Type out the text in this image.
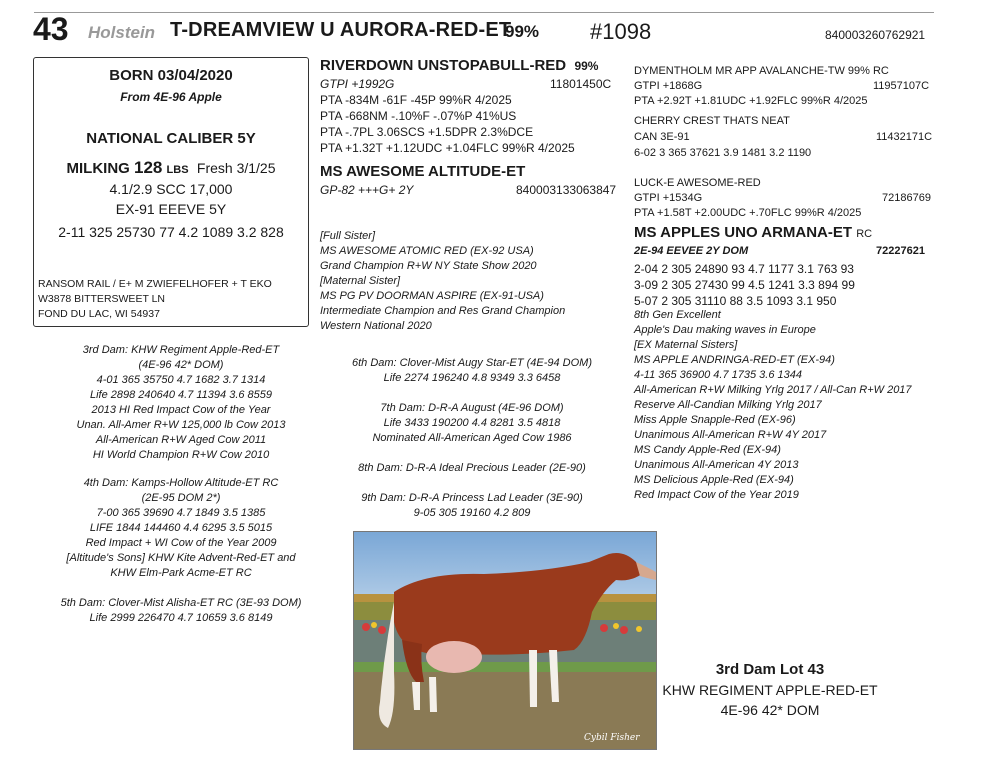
43 Holstein T-DREAMVIEW U AURORA-RED-ET
99% #1098	840003260762921
BORN 03/04/2020
From 4E-96 Apple
NATIONAL CALIBER 5Y
MILKING 128 LBS Fresh 3/1/25
4.1/2.9 SCC 17,000
EX-91 EEEVE 5Y
2-11 325 25730 77 4.2 1089 3.2 828
RANSOM RAIL / E+ M ZWIEFELHOFER + T EKO
W3878 BITTERSWEET LN
FOND DU LAC, WI 54937
3rd Dam: KHW Regiment Apple-Red-ET
(4E-96 42* DOM)
4-01 365 35750 4.7 1682 3.7 1314
Life 2898 240640 4.7 11394 3.6 8559
2013 HI Red Impact Cow of the Year
Unan. All-Amer R+W 125,000 lb Cow 2013
All-American R+W Aged Cow 2011
HI World Champion R+W Cow 2010
4th Dam: Kamps-Hollow Altitude-ET RC
(2E-95 DOM 2*)
7-00 365 39690 4.7 1849 3.5 1385
LIFE 1844 144460 4.4 6295 3.5 5015
Red Impact + WI Cow of the Year 2009
[Altitude's Sons] KHW Kite Advent-Red-ET and
KHW Elm-Park Acme-ET RC
5th Dam: Clover-Mist Alisha-ET RC (3E-93 DOM)
Life 2999 226470 4.7 10659 3.6 8149
RIVERDOWN UNSTOPABULL-RED 99%
GTPI +1992G	11801450C
PTA -834M -61F -45P 99%R 4/2025
PTA -668NM -.10%F -.07%P 41%US
PTA -.7PL 3.06SCS +1.5DPR 2.3%DCE
PTA +1.32T +1.12UDC +1.04FLC 99%R 4/2025
MS AWESOME ALTITUDE-ET
GP-82 +++G+ 2Y	840003133063847
[Full Sister]
MS AWESOME ATOMIC RED (EX-92 USA)
Grand Champion R+W NY State Show 2020
[Maternal Sister]
MS PG PV DOORMAN ASPIRE (EX-91-USA)
Intermediate Champion and Res Grand Champion
Western National 2020
6th Dam: Clover-Mist Augy Star-ET (4E-94 DOM)
Life 2274 196240 4.8 9349 3.3 6458
7th Dam: D-R-A August (4E-96 DOM)
Life 3433 190200 4.4 8281 3.5 4818
Nominated All-American Aged Cow 1986
8th Dam: D-R-A Ideal Precious Leader (2E-90)
9th Dam: D-R-A Princess Lad Leader (3E-90)
9-05 305 19160 4.2 809
DYMENTHOLM MR APP AVALANCHE-TW 99% RC
GTPI +1868G	11957107C
PTA +2.92T +1.81UDC +1.92FLC 99%R 4/2025
CHERRY CREST THATS NEAT
CAN 3E-91	11432171C
6-02 3 365 37621 3.9 1481 3.2 1190
LUCK-E AWESOME-RED
GTPI +1534G	72186769
PTA +1.58T +2.00UDC +.70FLC 99%R 4/2025
MS APPLES UNO ARMANA-ET RC
2E-94 EEVEE 2Y DOM	72227621
2-04 2 305 24890 93 4.7 1177 3.1 763 93
3-09 2 305 27430 99 4.5 1241 3.3 894 99
5-07 2 305 31110 88 3.5 1093 3.1 950
8th Gen Excellent
Apple's Dau making waves in Europe
[EX Maternal Sisters]
MS APPLE ANDRINGA-RED-ET (EX-94)
4-11 365 36900 4.7 1735 3.6 1344
All-American R+W Milking Yrlg 2017 / All-Can R+W 2017
Reserve All-Candian Milking Yrlg 2017
Miss Apple Snapple-Red (EX-96)
Unanimous All-American R+W 4Y 2017
MS Candy Apple-Red (EX-94)
Unanimous All-American 4Y 2013
MS Delicious Apple-Red (EX-94)
Red Impact Cow of the Year 2019
Cybil Fisher
3rd Dam Lot 43
KHW REGIMENT APPLE-RED-ET
4E-96 42* DOM
